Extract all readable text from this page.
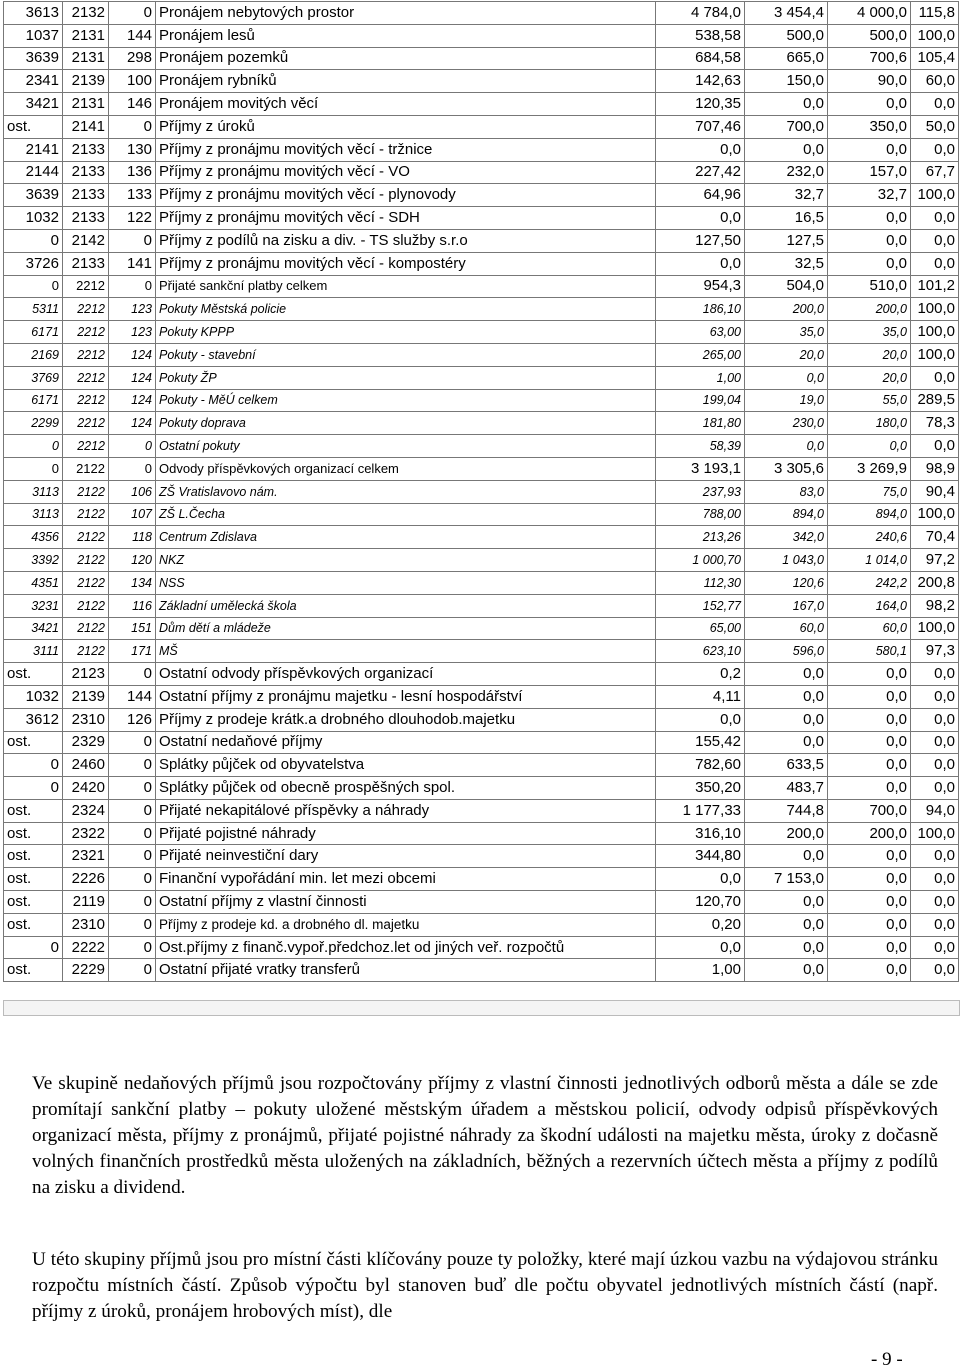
3613	2132	0	Pronájem nebytových prostor	4 784,0	3 454,4	4 000,0	115,8
1037	2131	144	Pronájem lesů	538,58	500,0	500,0	100,0
3639	2131	298	Pronájem pozemků	684,58	665,0	700,6	105,4
2341	2139	100	Pronájem rybníků	142,63	150,0	90,0	60,0
3421	2131	146	Pronájem movitých věcí	120,35	0,0	0,0	0,0
ost.	2141	0	Příjmy z úroků	707,46	700,0	350,0	50,0
2141	2133	130	Příjmy z pronájmu movitých věcí - tržnice	0,0	0,0	0,0	0,0
2144	2133	136	Příjmy z pronájmu movitých věcí - VO	227,42	232,0	157,0	67,7
3639	2133	133	Příjmy z pronájmu movitých věcí - plynovody	64,96	32,7	32,7	100,0
1032	2133	122	Příjmy z pronájmu movitých věcí - SDH	0,0	16,5	0,0	0,0
0	2142	0	Příjmy z podílů na zisku a div. - TS služby s.r.o	127,50	127,5	0,0	0,0
3726	2133	141	Příjmy z pronájmu movitých věcí - kompostéry	0,0	32,5	0,0	0,0
0	2212	0	Přijaté sankční platby celkem	954,3	504,0	510,0	101,2
5311	2212	123	Pokuty Městská policie	186,10	200,0	200,0	100,0
6171	2212	123	Pokuty KPPP	63,00	35,0	35,0	100,0
2169	2212	124	Pokuty - stavební	265,00	20,0	20,0	100,0
3769	2212	124	Pokuty ŽP	1,00	0,0	20,0	0,0
6171	2212	124	Pokuty - MěÚ celkem	199,04	19,0	55,0	289,5
2299	2212	124	Pokuty doprava	181,80	230,0	180,0	78,3
0	2212	0	Ostatní pokuty	58,39	0,0	0,0	0,0
0	2122	0	Odvody příspěvkových organizací celkem	3 193,1	3 305,6	3 269,9	98,9
3113	2122	106	ZŠ Vratislavovo nám.	237,93	83,0	75,0	90,4
3113	2122	107	ZŠ L.Čecha	788,00	894,0	894,0	100,0
4356	2122	118	Centrum Zdislava	213,26	342,0	240,6	70,4
3392	2122	120	NKZ	1 000,70	1 043,0	1 014,0	97,2
4351	2122	134	NSS	112,30	120,6	242,2	200,8
3231	2122	116	Základní umělecká škola	152,77	167,0	164,0	98,2
3421	2122	151	Dům dětí a mládeže	65,00	60,0	60,0	100,0
3111	2122	171	MŠ	623,10	596,0	580,1	97,3
ost.	2123	0	Ostatní odvody příspěvkových organizací	0,2	0,0	0,0	0,0
1032	2139	144	Ostatní příjmy z pronájmu majetku - lesní hospodářství	4,11	0,0	0,0	0,0
3612	2310	126	Příjmy z prodeje krátk.a drobného dlouhodob.majetku	0,0	0,0	0,0	0,0
ost.	2329	0	Ostatní nedaňové příjmy	155,42	0,0	0,0	0,0
0	2460	0	Splátky půjček od obyvatelstva	782,60	633,5	0,0	0,0
0	2420	0	Splátky půjček od obecně prospěšných spol.	350,20	483,7	0,0	0,0
ost.	2324	0	Přijaté nekapitálové příspěvky a náhrady	1 177,33	744,8	700,0	94,0
ost.	2322	0	Přijaté pojistné náhrady	316,10	200,0	200,0	100,0
ost.	2321	0	Přijaté neinvestiční dary	344,80	0,0	0,0	0,0
ost.	2226	0	Finanční vypořádání min. let mezi obcemi	0,0	7 153,0	0,0	0,0
ost.	2119	0	Ostatní příjmy z vlastní činnosti	120,70	0,0	0,0	0,0
ost.	2310	0	Příjmy z prodeje kd. a drobného dl. majetku	0,20	0,0	0,0	0,0
0	2222	0	Ost.příjmy z finanč.vypoř.předchoz.let od jiných veř. rozpočtů	0,0	0,0	0,0	0,0
ost.	2229	0	Ostatní přijaté vratky transferů	1,00	0,0	0,0	0,0

Ve skupině nedaňových příjmů jsou rozpočtovány příjmy z vlastní činnosti jednotlivých odborů města a dále se zde promítají sankční platby – pokuty uložené městským úřadem a městskou policií, odvody odpisů příspěvkových organizací města, příjmy z pronájmů, přijaté pojistné náhrady za škodní události na majetku města, úroky z dočasně volných finančních prostředků města uložených na základních, běžných a rezervních účtech města a příjmy z podílů na zisku a dividend.

U této skupiny příjmů jsou pro místní části klíčovány pouze ty položky, které mají úzkou vazbu na výdajovou stránku rozpočtu místních částí. Způsob výpočtu byl stanoven buď dle počtu obyvatel jednotlivých místních částí (např. příjmy z úroků, pronájem hrobových míst), dle

- 9 -
